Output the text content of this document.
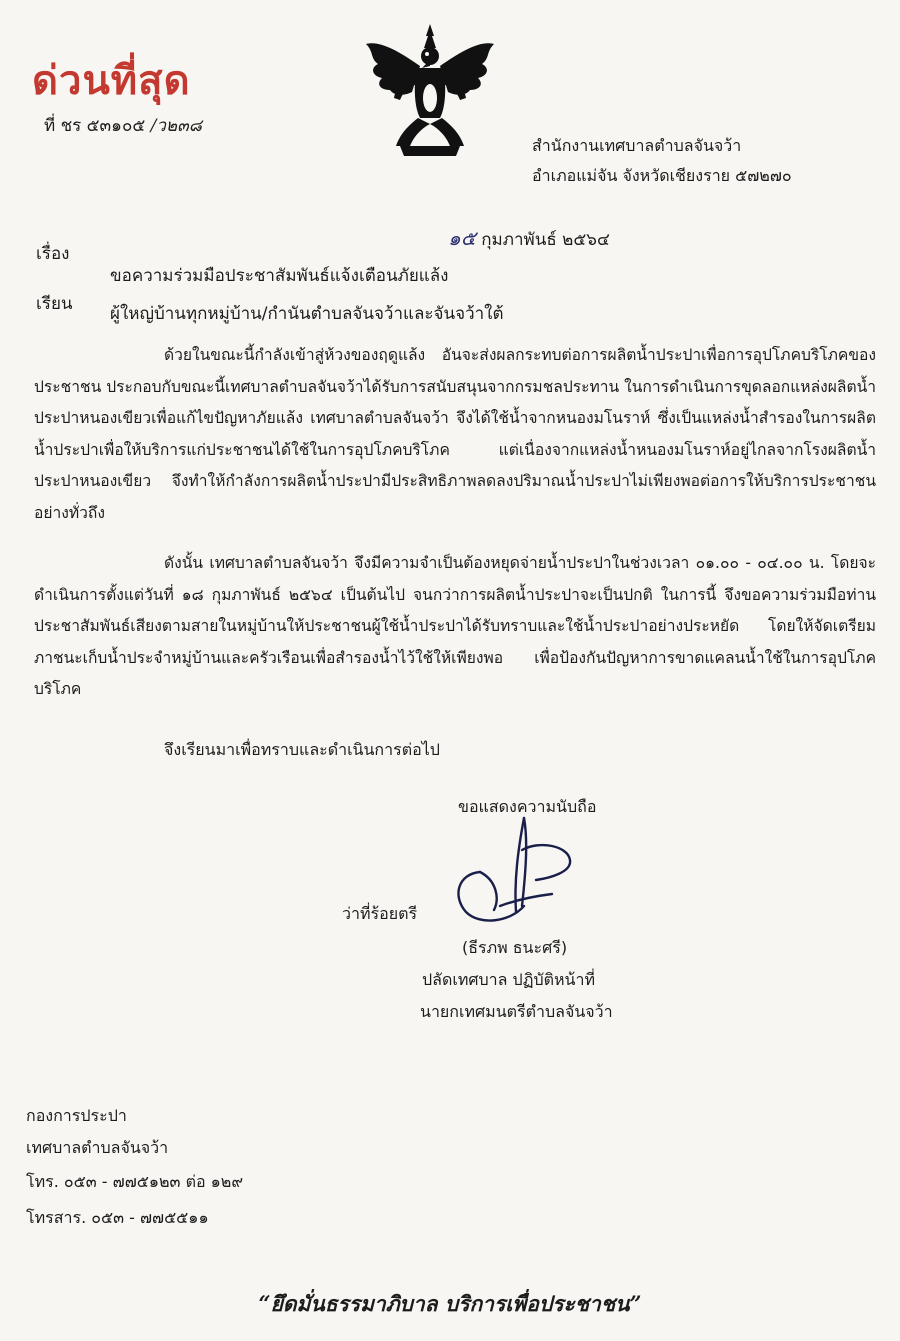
ด่วนที่สุด
ที่ ชร ๕๓๑๐๕ /ว๒๓๘
สำนักงานเทศบาลตำบลจันจว้า
อำเภอแม่จัน จังหวัดเชียงราย ๕๗๒๗๐
๑๕ กุมภาพันธ์ ๒๕๖๔
เรื่อง
ขอความร่วมมือประชาสัมพันธ์แจ้งเตือนภัยแล้ง
เรียน ผู้ใหญ่บ้านทุกหมู่บ้าน/กำนันตำบลจันจว้าและจันจว้าใต้
ด้วยในขณะนี้กำลังเข้าสู่ห้วงของฤดูแล้ง อันจะส่งผลกระทบต่อการผลิตน้ำประปาเพื่อการอุปโภคบริโภคของประชาชน ประกอบกับขณะนี้เทศบาลตำบลจันจว้าได้รับการสนับสนุนจากกรมชลประทาน ในการดำเนินการขุดลอกแหล่งผลิตน้ำประปาหนองเขียวเพื่อแก้ไขปัญหาภัยแล้ง เทศบาลตำบลจันจว้า จึงได้ใช้น้ำจากหนองมโนราห์ ซึ่งเป็นแหล่งน้ำสำรองในการผลิตน้ำประปาเพื่อให้บริการแก่ประชาชนได้ใช้ในการอุปโภคบริโภค แต่เนื่องจากแหล่งน้ำหนองมโนราห์อยู่ไกลจากโรงผลิตน้ำประปาหนองเขียว จึงทำให้กำลังการผลิตน้ำประปามีประสิทธิภาพลดลงปริมาณน้ำประปาไม่เพียงพอต่อการให้บริการประชาชนอย่างทั่วถึง
ดังนั้น เทศบาลตำบลจันจว้า จึงมีความจำเป็นต้องหยุดจ่ายน้ำประปาในช่วงเวลา ๐๑.๐๐ - ๐๔.๐๐ น. โดยจะดำเนินการตั้งแต่วันที่ ๑๘ กุมภาพันธ์ ๒๕๖๔ เป็นต้นไป จนกว่าการผลิตน้ำประปาจะเป็นปกติ ในการนี้ จึงขอความร่วมมือท่านประชาสัมพันธ์เสียงตามสายในหมู่บ้านให้ประชาชนผู้ใช้น้ำประปาได้รับทราบและใช้น้ำประปาอย่างประหยัด โดยให้จัดเตรียมภาชนะเก็บน้ำประจำหมู่บ้านและครัวเรือนเพื่อสำรองน้ำไว้ใช้ให้เพียงพอ เพื่อป้องกันปัญหาการขาดแคลนน้ำใช้ในการอุปโภคบริโภค
จึงเรียนมาเพื่อทราบและดำเนินการต่อไป
ขอแสดงความนับถือ
ว่าที่ร้อยตรี
(ธีรภพ ธนะศรี)
ปลัดเทศบาล ปฏิบัติหน้าที่
นายกเทศมนตรีตำบลจันจว้า
กองการประปา
เทศบาลตำบลจันจว้า
โทร. ๐๕๓ - ๗๗๕๑๒๓ ต่อ ๑๒๙
โทรสาร. ๐๕๓ - ๗๗๕๕๑๑
“ยึดมั่นธรรมาภิบาล บริการเพื่อประชาชน”
